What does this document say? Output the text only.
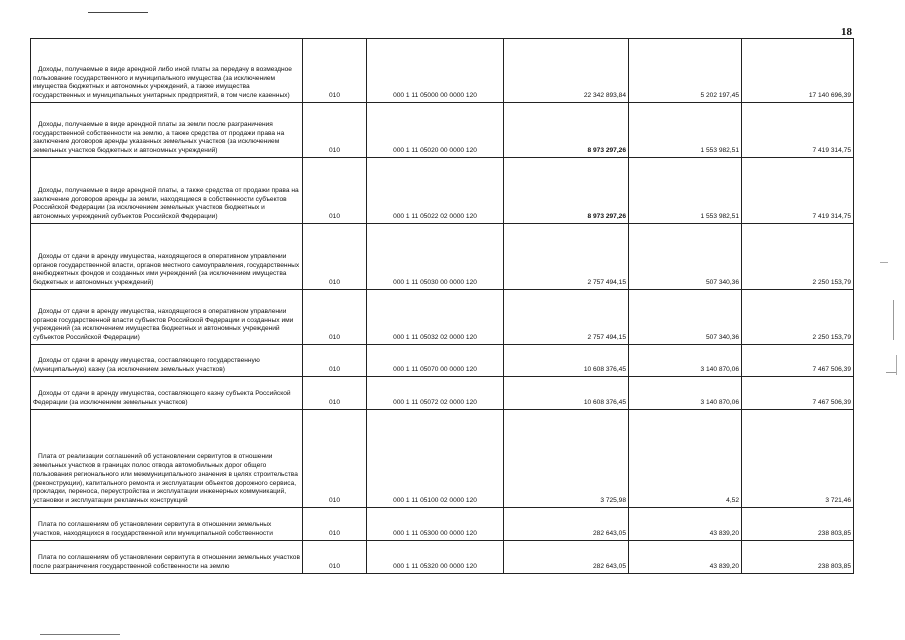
18
Доходы, получаемые в виде арендной либо иной платы за передачу в возмездное пользование государственного и муниципального имущества (за исключением имущества бюджетных и автономных учреждений, а также имущества государственных и муниципальных унитарных предприятий, в том числе казенных)	010	000 1 11 05000 00 0000 120	22 342 893,84	5 202 197,45	17 140 696,39
Доходы, получаемые в виде арендной платы за земли после разграничения государственной собственности на землю, а также средства от продажи права на заключение договоров аренды указанных земельных участков (за исключением земельных участков бюджетных и автономных учреждений)	010	000 1 11 05020 00 0000 120	8 973 297,26	1 553 982,51	7 419 314,75
Доходы, получаемые в виде арендной платы, а также средства от продажи права на заключение договоров аренды за земли, находящиеся в собственности субъектов Российской Федерации (за исключением земельных участков бюджетных и автономных учреждений субъектов Российской Федерации)	010	000 1 11 05022 02 0000 120	8 973 297,26	1 553 982,51	7 419 314,75
Доходы от сдачи в аренду имущества, находящегося в оперативном управлении органов государственной власти, органов местного самоуправления, государственных внебюджетных фондов и созданных ими учреждений (за исключением имущества бюджетных и автономных учреждений)	010	000 1 11 05030 00 0000 120	2 757 494,15	507 340,36	2 250 153,79
Доходы от сдачи в аренду имущества, находящегося в оперативном управлении органов государственной власти субъектов Российской Федерации и созданных ими учреждений (за исключением имущества бюджетных и автономных учреждений субъектов Российской Федерации)	010	000 1 11 05032 02 0000 120	2 757 494,15	507 340,36	2 250 153,79
Доходы от сдачи в аренду имущества, составляющего государственную (муниципальную) казну (за исключением земельных участков)	010	000 1 11 05070 00 0000 120	10 608 376,45	3 140 870,06	7 467 506,39
Доходы от сдачи в аренду имущества, составляющего казну субъекта Российской Федерации (за исключением земельных участков)	010	000 1 11 05072 02 0000 120	10 608 376,45	3 140 870,06	7 467 506,39
Плата от реализации соглашений об установлении сервитутов в отношении земельных участков в границах полос отвода автомобильных дорог общего пользования регионального или межмуниципального значения в целях строительства (реконструкции), капитального ремонта и эксплуатации объектов дорожного сервиса, прокладки, переноса, переустройства и эксплуатации инженерных коммуникаций, установки и эксплуатации рекламных конструкций	010	000 1 11 05100 02 0000 120	3 725,98	4,52	3 721,46
Плата по соглашениям об установлении сервитута в отношении земельных участков, находящихся в государственной или муниципальной собственности	010	000 1 11 05300 00 0000 120	282 643,05	43 839,20	238 803,85
Плата по соглашениям об установлении сервитута в отношении земельных участков после разграничения государственной собственности на землю	010	000 1 11 05320 00 0000 120	282 643,05	43 839,20	238 803,85
